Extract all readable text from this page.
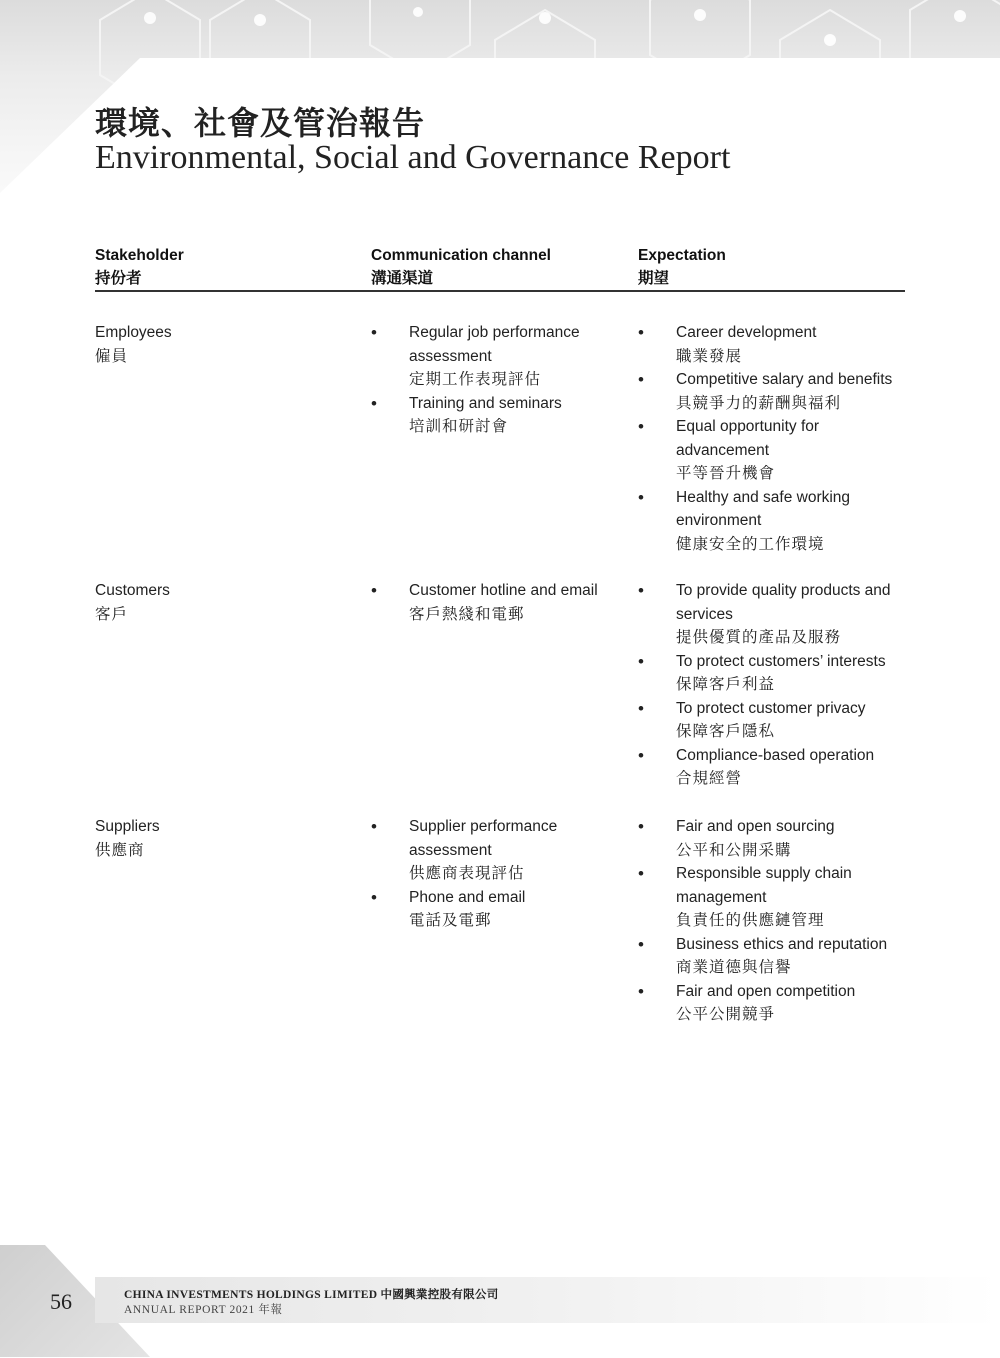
環境、社會及管治報告
Environmental, Social and Governance Report
Stakeholder
持份者
Communication channel
溝通渠道
Expectation
期望
Employees
僱員
• Regular job performance assessment
定期工作表現評估
• Training and seminars
培訓和研討會
• Career development
職業發展
• Competitive salary and benefits
具競爭力的薪酬與福利
• Equal opportunity for advancement
平等晉升機會
• Healthy and safe working environment
健康安全的工作環境
Customers
客戶
• Customer hotline and email
客戶熱綫和電郵
• To provide quality products and services
提供優質的產品及服務
• To protect customers’ interests
保障客戶利益
• To protect customer privacy
保障客戶隱私
• Compliance-based operation
合規經營
Suppliers
供應商
• Supplier performance assessment
供應商表現評估
• Phone and email
電話及電郵
• Fair and open sourcing
公平和公開采購
• Responsible supply chain management
負責任的供應鏈管理
• Business ethics and reputation
商業道德與信譽
• Fair and open competition
公平公開競爭
56	CHINA INVESTMENTS HOLDINGS LIMITED 中國興業控股有限公司
ANNUAL REPORT 2021 年報
